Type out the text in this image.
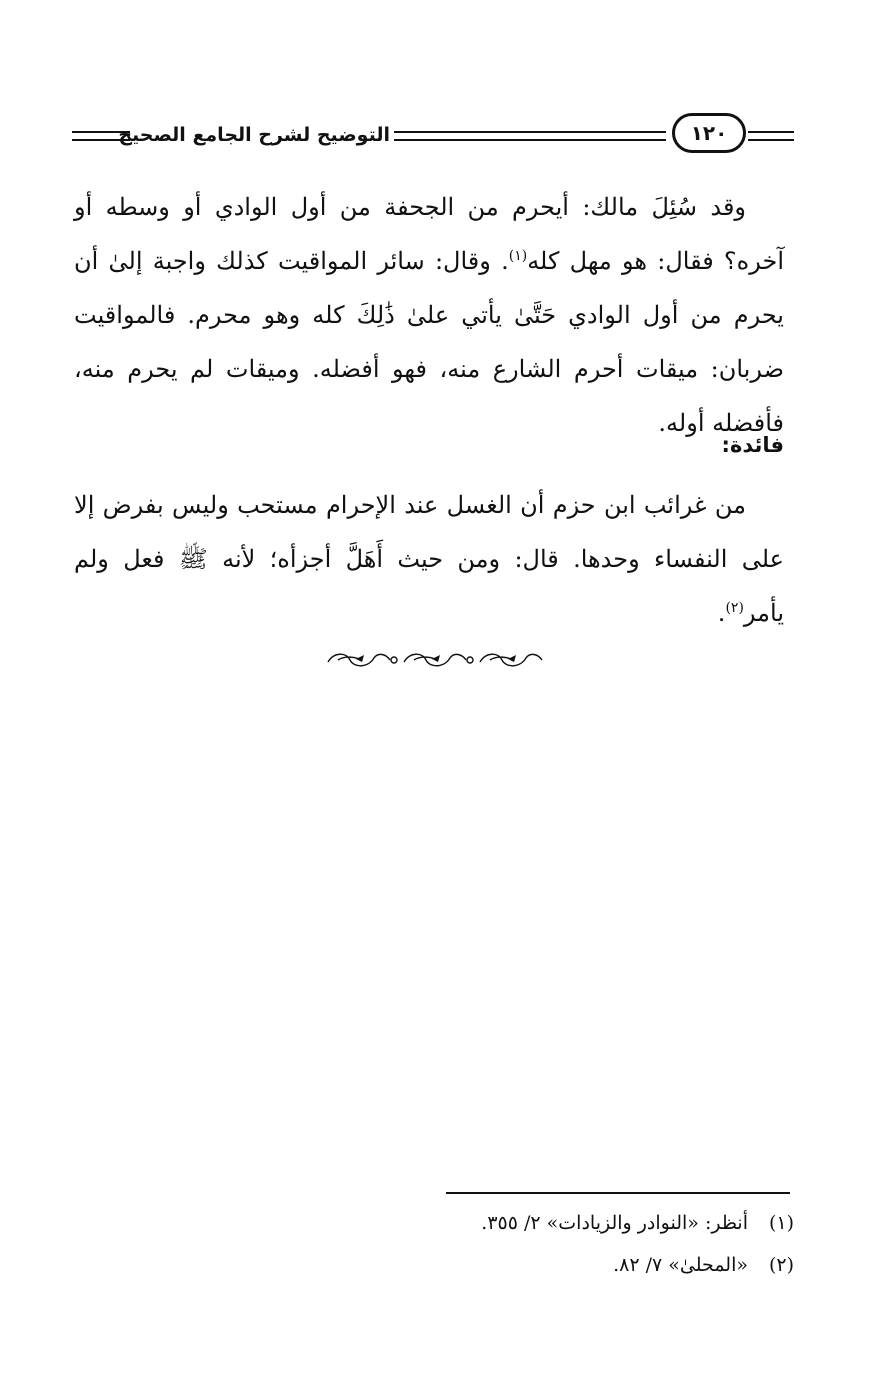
التوضيح لشرح الجامع الصحيح	١٢٠
وقد سُئِلَ مالك: أيحرم من الجحفة من أول الوادي أو وسطه أو آخره؟ فقال: هو مهل كله$^{(١)}$. وقال: سائر المواقيت كذلك واجبة إلىٰ أن يحرم من أول الوادي حَتَّىٰ يأتي علىٰ ذَٰلِكَ كله وهو محرم. فالمواقيت ضربان: ميقات أحرم الشارع منه، فهو أفضله. وميقات لم يحرم منه، فأفضله أوله.
فائدة:
من غرائب ابن حزم أن الغسل عند الإحرام مستحب وليس بفرض إلا على النفساء وحدها. قال: ومن حيث أَهَلَّ أجزأه؛ لأنه ﷺ فعل ولم يأمر$^{(٢)}$.
(١)أنظر: «النوادر والزيادات» ٢/ ٣٥٥.
(٢)«المحلىٰ» ٧/ ٨٢.
